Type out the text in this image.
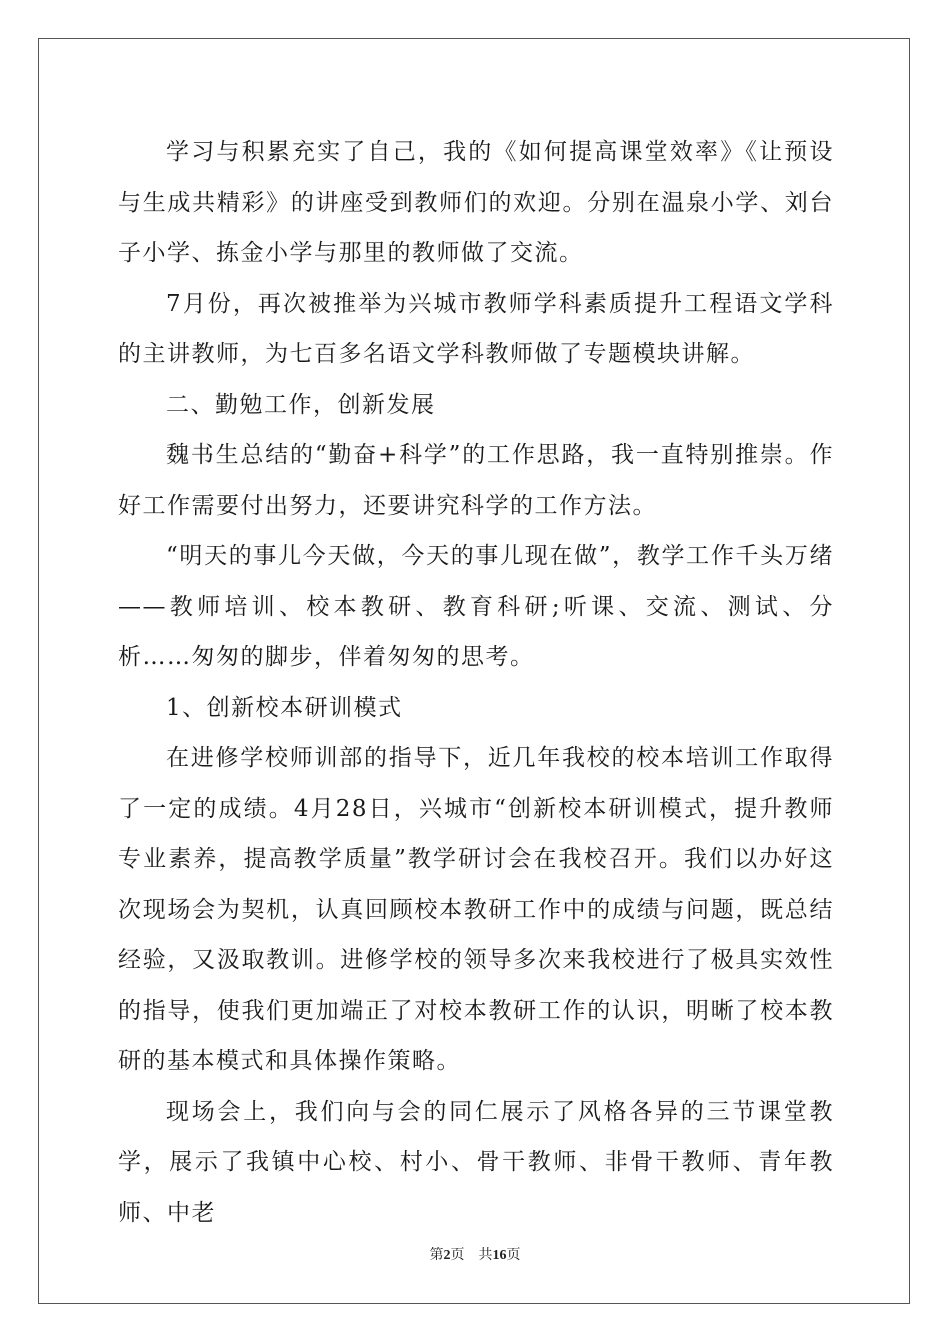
学习与积累充实了自己，我的《如何提高课堂效率》《让预设与生成共精彩》的讲座受到教师们的欢迎。分别在温泉小学、刘台子小学、拣金小学与那里的教师做了交流。

7月份，再次被推举为兴城市教师学科素质提升工程语文学科的主讲教师，为七百多名语文学科教师做了专题模块讲解。

二、勤勉工作，创新发展

魏书生总结的“勤奋+科学”的工作思路，我一直特别推崇。作好工作需要付出努力，还要讲究科学的工作方法。

“明天的事儿今天做，今天的事儿现在做”，教学工作千头万绪——教师培训、校本教研、教育科研;听课、交流、测试、分析……匆匆的脚步，伴着匆匆的思考。

1、创新校本研训模式

在进修学校师训部的指导下，近几年我校的校本培训工作取得了一定的成绩。4月28日，兴城市“创新校本研训模式，提升教师专业素养，提高教学质量”教学研讨会在我校召开。我们以办好这次现场会为契机，认真回顾校本教研工作中的成绩与问题，既总结经验，又汲取教训。进修学校的领导多次来我校进行了极具实效性的指导，使我们更加端正了对校本教研工作的认识，明晰了校本教研的基本模式和具体操作策略。

现场会上，我们向与会的同仁展示了风格各异的三节课堂教学，展示了我镇中心校、村小、骨干教师、非骨干教师、青年教师、中老

第2页 共16页
